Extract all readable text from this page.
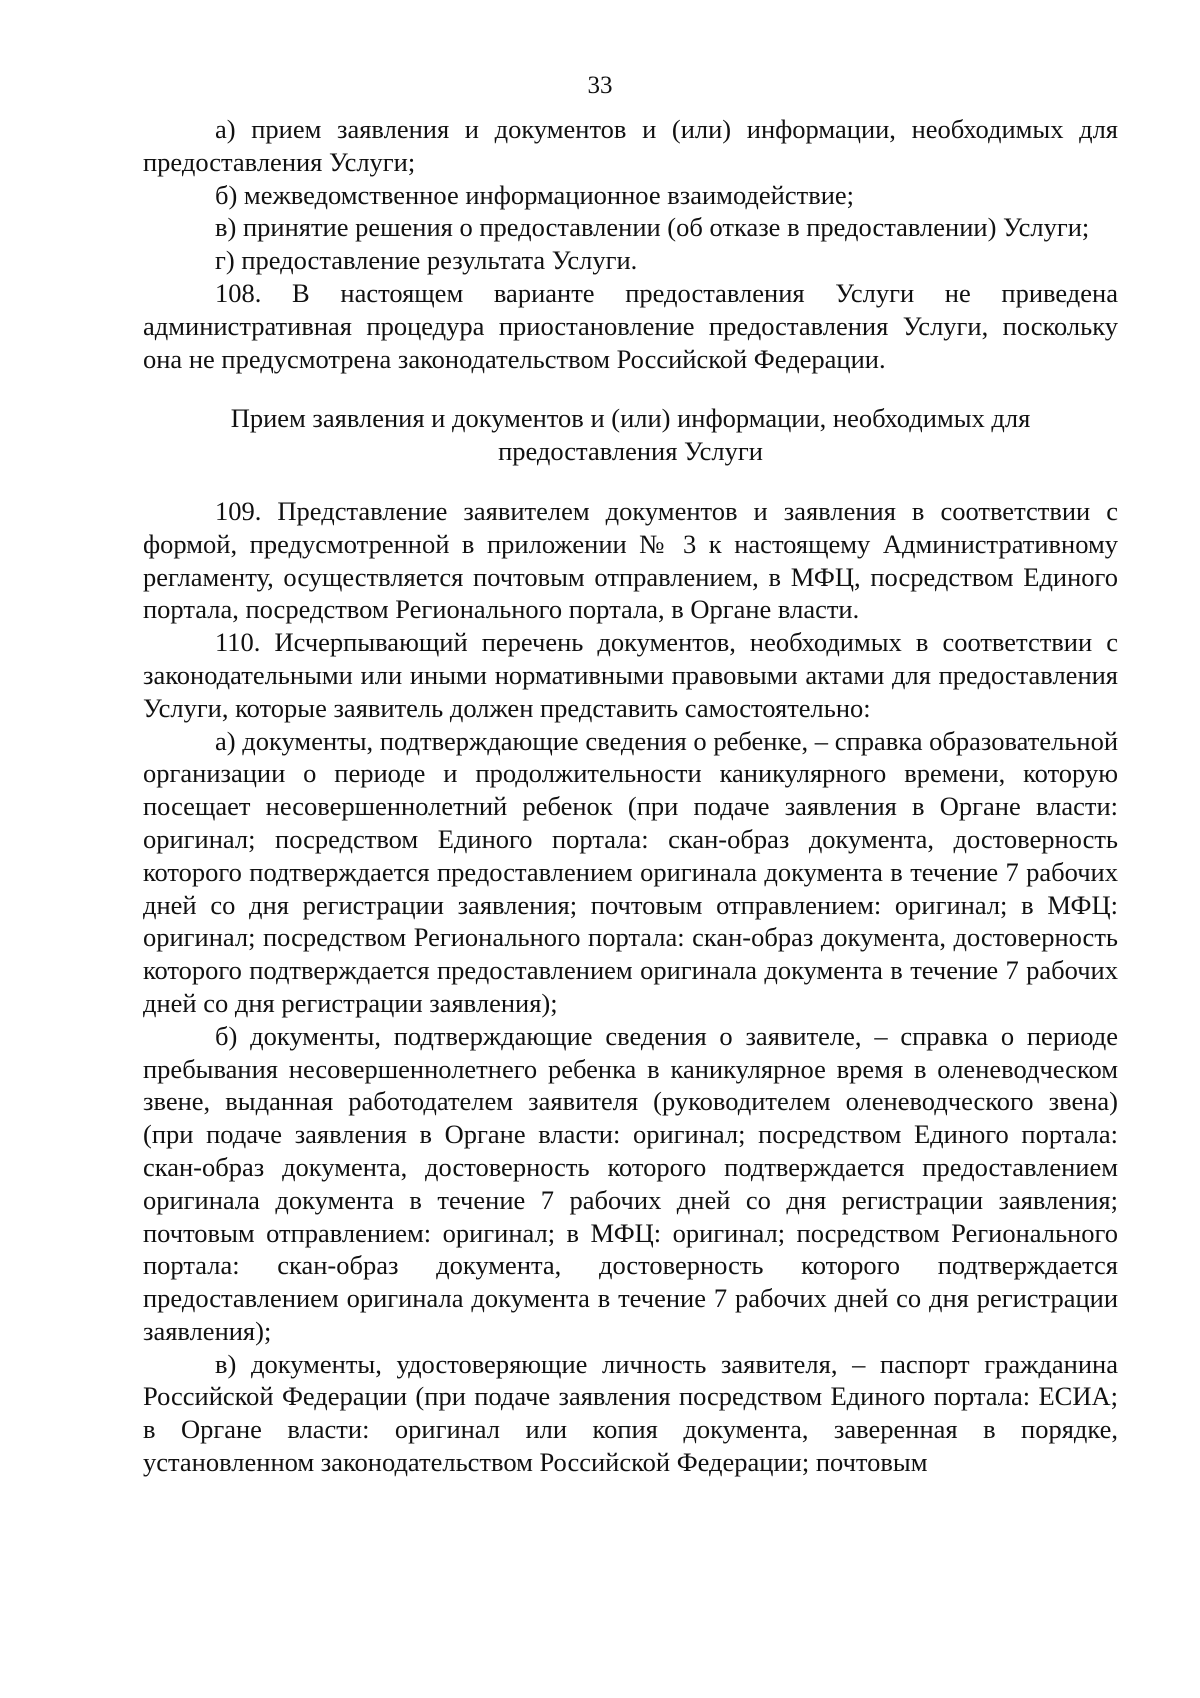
33

а) прием заявления и документов и (или) информации, необходимых для предоставления Услуги;

б) межведомственное информационное взаимодействие;

в) принятие решения о предоставлении (об отказе в предоставлении) Услуги;

г) предоставление результата Услуги.

108. В настоящем варианте предоставления Услуги не приведена административная процедура приостановление предоставления Услуги, поскольку она не предусмотрена законодательством Российской Федерации.

Прием заявления и документов и (или) информации, необходимых для предоставления Услуги

109. Представление заявителем документов и заявления в соответствии с формой, предусмотренной в приложении № 3 к настоящему Административному регламенту, осуществляется почтовым отправлением, в МФЦ, посредством Единого портала, посредством Регионального портала, в Органе власти.

110. Исчерпывающий перечень документов, необходимых в соответствии с законодательными или иными нормативными правовыми актами для предоставления Услуги, которые заявитель должен представить самостоятельно:

а) документы, подтверждающие сведения о ребенке, – справка образовательной организации о периоде и продолжительности каникулярного времени, которую посещает несовершеннолетний ребенок (при подаче заявления в Органе власти: оригинал; посредством Единого портала: скан-образ документа, достоверность которого подтверждается предоставлением оригинала документа в течение 7 рабочих дней со дня регистрации заявления; почтовым отправлением: оригинал; в МФЦ: оригинал; посредством Регионального портала: скан-образ документа, достоверность которого подтверждается предоставлением оригинала документа в течение 7 рабочих дней со дня регистрации заявления);

б) документы, подтверждающие сведения о заявителе, – справка о периоде пребывания несовершеннолетнего ребенка в каникулярное время в оленеводческом звене, выданная работодателем заявителя (руководителем оленеводческого звена) (при подаче заявления в Органе власти: оригинал; посредством Единого портала: скан-образ документа, достоверность которого подтверждается предоставлением оригинала документа в течение 7 рабочих дней со дня регистрации заявления; почтовым отправлением: оригинал; в МФЦ: оригинал; посредством Регионального портала: скан-образ документа, достоверность которого подтверждается предоставлением оригинала документа в течение 7 рабочих дней со дня регистрации заявления);

в) документы, удостоверяющие личность заявителя, – паспорт гражданина Российской Федерации (при подаче заявления посредством Единого портала: ЕСИА; в Органе власти: оригинал или копия документа, заверенная в порядке, установленном законодательством Российской Федерации; почтовым
